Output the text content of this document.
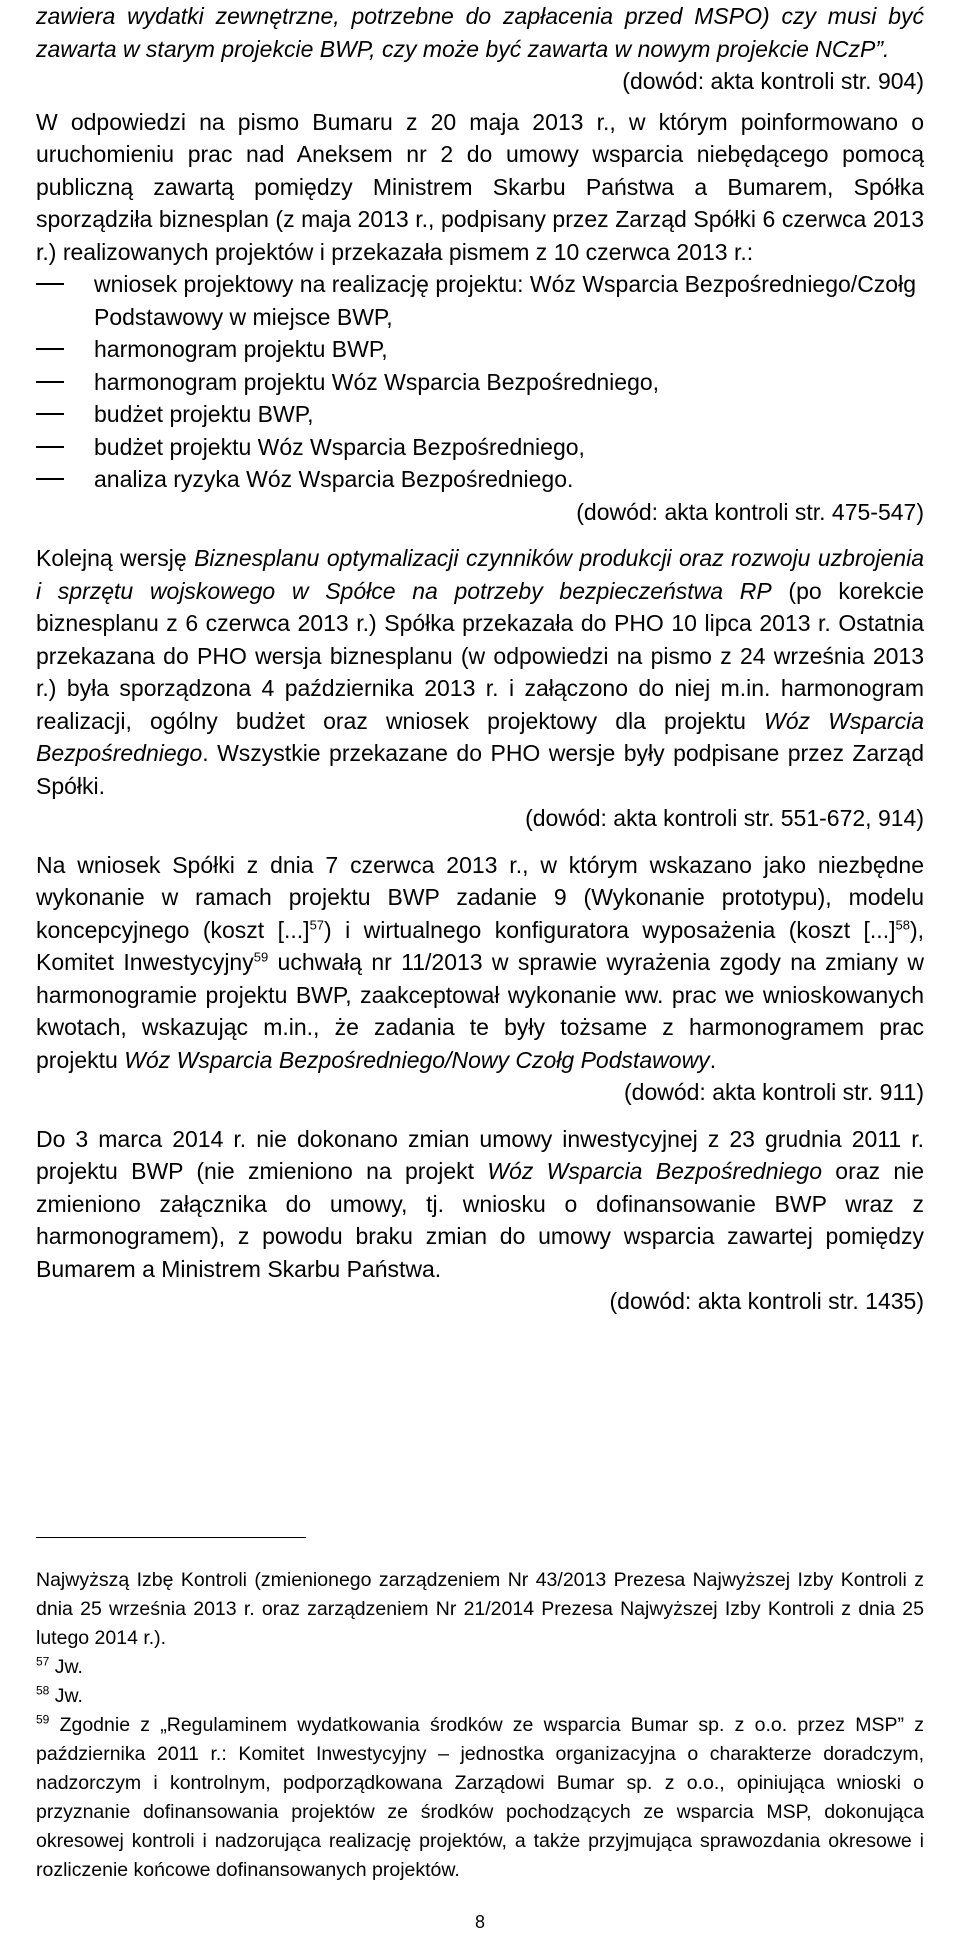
zawiera wydatki zewnętrzne, potrzebne do zapłacenia przed MSPO) czy musi być zawarta w starym projekcie BWP, czy może być zawarta w nowym projekcie NCzP”.

(dowód: akta kontroli str. 904)

W odpowiedzi na pismo Bumaru z 20 maja 2013 r., w którym poinformowano o uruchomieniu prac nad Aneksem nr 2 do umowy wsparcia niebędącego pomocą publiczną zawartą pomiędzy Ministrem Skarbu Państwa a Bumarem, Spółka sporządziła biznesplan (z maja 2013 r., podpisany przez Zarząd Spółki 6 czerwca 2013 r.) realizowanych projektów i przekazała pismem z 10 czerwca 2013 r.:

wniosek projektowy na realizację projektu: Wóz Wsparcia Bezpośredniego/Czołg Podstawowy w miejsce BWP,
harmonogram projektu BWP,
harmonogram projektu Wóz Wsparcia Bezpośredniego,
budżet projektu BWP,
budżet projektu Wóz Wsparcia Bezpośredniego,
analiza ryzyka Wóz Wsparcia Bezpośredniego.

(dowód: akta kontroli str. 475-547)

Kolejną wersję Biznesplanu optymalizacji czynników produkcji oraz rozwoju uzbrojenia i sprzętu wojskowego w Spółce na potrzeby bezpieczeństwa RP (po korekcie biznesplanu z 6 czerwca 2013 r.) Spółka przekazała do PHO 10 lipca 2013 r. Ostatnia przekazana do PHO wersja biznesplanu (w odpowiedzi na pismo z 24 września 2013 r.) była sporządzona 4 października 2013 r. i załączono do niej m.in. harmonogram realizacji, ogólny budżet oraz wniosek projektowy dla projektu Wóz Wsparcia Bezpośredniego. Wszystkie przekazane do PHO wersje były podpisane przez Zarząd Spółki.

(dowód: akta kontroli str. 551-672, 914)

Na wniosek Spółki z dnia 7 czerwca 2013 r., w którym wskazano jako niezbędne wykonanie w ramach projektu BWP zadanie 9 (Wykonanie prototypu), modelu koncepcyjnego (koszt [...]$^{57}$) i wirtualnego konfiguratora wyposażenia (koszt [...]$^{58}$), Komitet Inwestycyjny$^{59}$ uchwałą nr 11/2013 w sprawie wyrażenia zgody na zmiany w harmonogramie projektu BWP, zaakceptował wykonanie ww. prac we wnioskowanych kwotach, wskazując m.in., że zadania te były tożsame z harmonogramem prac projektu Wóz Wsparcia Bezpośredniego/Nowy Czołg Podstawowy.

(dowód: akta kontroli str. 911)

Do 3 marca 2014 r. nie dokonano zmian umowy inwestycyjnej z 23 grudnia 2011 r. projektu BWP (nie zmieniono na projekt Wóz Wsparcia Bezpośredniego oraz nie zmieniono załącznika do umowy, tj. wniosku o dofinansowanie BWP wraz z harmonogramem), z powodu braku zmian do umowy wsparcia zawartej pomiędzy Bumarem a Ministrem Skarbu Państwa.

(dowód: akta kontroli str. 1435)

Najwyższą Izbę Kontroli (zmienionego zarządzeniem Nr 43/2013 Prezesa Najwyższej Izby Kontroli z dnia 25 września 2013 r. oraz zarządzeniem Nr 21/2014 Prezesa Najwyższej Izby Kontroli z dnia 25 lutego 2014 r.).

$^{57}$ Jw.

$^{58}$ Jw.

$^{59}$ Zgodnie z „Regulaminem wydatkowania środków ze wsparcia Bumar sp. z o.o. przez MSP” z października 2011 r.: Komitet Inwestycyjny – jednostka organizacyjna o charakterze doradczym, nadzorczym i kontrolnym, podporządkowana Zarządowi Bumar sp. z o.o., opiniująca wnioski o przyznanie dofinansowania projektów ze środków pochodzących ze wsparcia MSP, dokonująca okresowej kontroli i nadzorująca realizację projektów, a także przyjmująca sprawozdania okresowe i rozliczenie końcowe dofinansowanych projektów.

8
